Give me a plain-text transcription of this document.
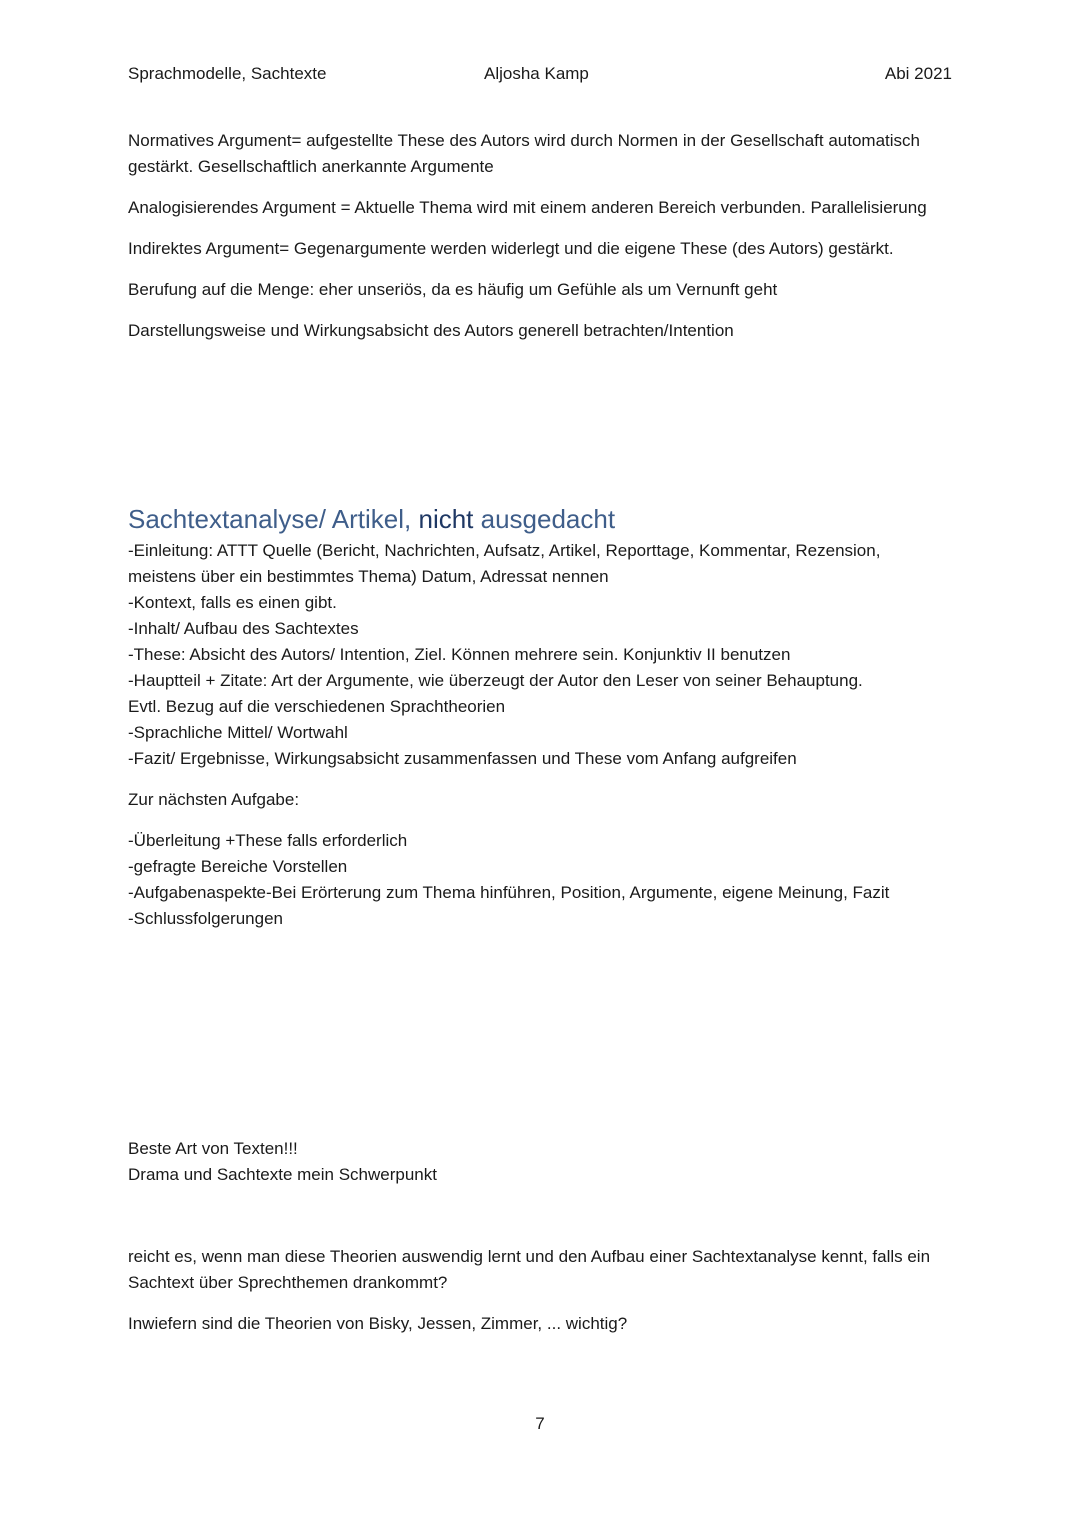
Sprachmodelle, Sachtexte	Aljosha Kamp	Abi 2021

Normatives Argument= aufgestellte These des Autors wird durch Normen in der Gesellschaft automatisch gestärkt. Gesellschaftlich anerkannte Argumente

Analogisierendes Argument = Aktuelle Thema wird mit einem anderen Bereich verbunden. Parallelisierung

Indirektes Argument= Gegenargumente werden widerlegt und die eigene These (des Autors) gestärkt.

Berufung auf die Menge: eher unseriös, da es häufig um Gefühle als um Vernunft geht

Darstellungsweise und Wirkungsabsicht des Autors generell betrachten/Intention

Sachtextanalyse/ Artikel, nicht ausgedacht
-Einleitung: ATTT Quelle (Bericht, Nachrichten, Aufsatz, Artikel, Reporttage, Kommentar, Rezension,
meistens über ein bestimmtes Thema) Datum, Adressat nennen
-Kontext, falls es einen gibt.
-Inhalt/ Aufbau des Sachtextes
-These: Absicht des Autors/ Intention, Ziel. Können mehrere sein. Konjunktiv II benutzen
-Hauptteil + Zitate: Art der Argumente, wie überzeugt der Autor den Leser von seiner Behauptung.
Evtl. Bezug auf die verschiedenen Sprachtheorien
-Sprachliche Mittel/ Wortwahl
-Fazit/ Ergebnisse, Wirkungsabsicht zusammenfassen und These vom Anfang aufgreifen
Zur nächsten Aufgabe:
-Überleitung +These falls erforderlich
-gefragte Bereiche Vorstellen
-Aufgabenaspekte-Bei Erörterung zum Thema hinführen, Position, Argumente, eigene Meinung, Fazit
-Schlussfolgerungen
Beste Art von Texten!!!
Drama und Sachtexte mein Schwerpunkt

reicht es, wenn man diese Theorien auswendig lernt und den Aufbau einer Sachtextanalyse kennt, falls ein Sachtext über Sprechthemen drankommt?

Inwiefern sind die Theorien von Bisky, Jessen, Zimmer, ... wichtig?

7
